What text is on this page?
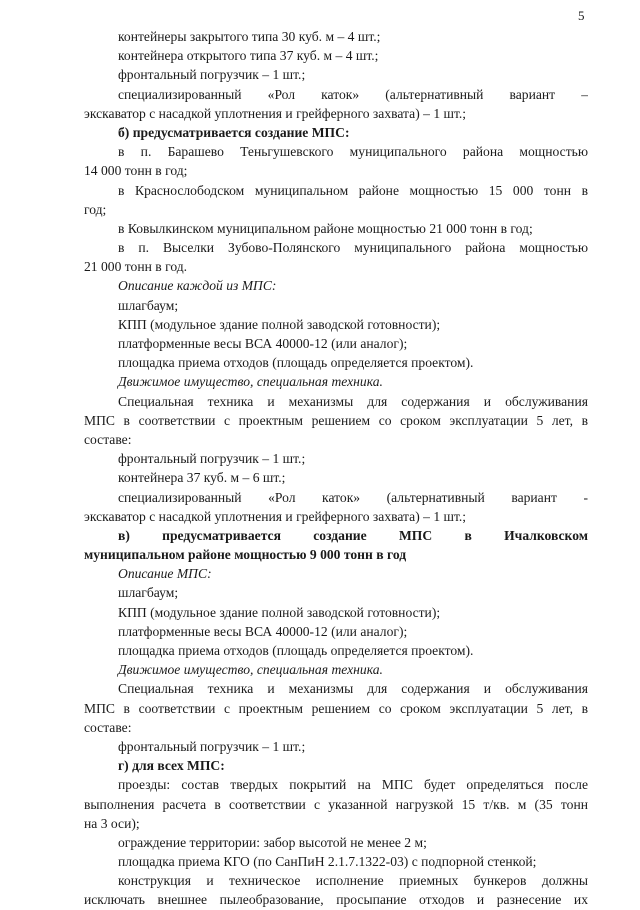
5
контейнеры закрытого типа 30 куб. м – 4 шт.;
контейнера открытого типа 37 куб. м – 4 шт.;
фронтальный погрузчик – 1 шт.;
специализированный «Рол каток» (альтернативный вариант –
экскаватор с насадкой уплотнения и грейферного захвата) – 1 шт.;
б) предусматривается создание МПС:
в п. Барашево Теньгушевского муниципального района мощностью
14 000 тонн в год;
в Краснослободском муниципальном районе мощностью 15 000 тонн в
год;
в Ковылкинском муниципальном районе мощностью 21 000 тонн в год;
в п. Выселки Зубово-Полянского муниципального района мощностью
21 000 тонн в год.
Описание каждой из МПС:
шлагбаум;
КПП (модульное здание полной заводской готовности);
платформенные весы ВСА 40000-12 (или аналог);
площадка приема отходов (площадь определяется проектом).
Движимое имущество, специальная техника.
Специальная техника и механизмы для содержания и обслуживания
МПС в соответствии с проектным решением со сроком эксплуатации 5 лет, в
составе:
фронтальный погрузчик – 1 шт.;
контейнера 37 куб. м – 6 шт.;
специализированный «Рол каток» (альтернативный вариант -
экскаватор с насадкой уплотнения и грейферного захвата) – 1 шт.;
в) предусматривается создание МПС в Ичалковском
муниципальном районе мощностью 9 000 тонн в год
Описание МПС:
шлагбаум;
КПП (модульное здание полной заводской готовности);
платформенные весы ВСА 40000-12 (или аналог);
площадка приема отходов (площадь определяется проектом).
Движимое имущество, специальная техника.
Специальная техника и механизмы для содержания и обслуживания
МПС в соответствии с проектным решением со сроком эксплуатации 5 лет, в
составе:
фронтальный погрузчик – 1 шт.;
г) для всех МПС:
проезды: состав твердых покрытий на МПС будет определяться после
выполнения расчета в соответствии с указанной нагрузкой 15 т/кв. м (35 тонн
на 3 оси);
ограждение территории: забор высотой не менее 2 м;
площадка приема КГО (по СанПиН 2.1.7.1322-03) с подпорной стенкой;
конструкция и техническое исполнение приемных бункеров должны
исключать внешнее пылеобразование, просыпание отходов и разнесение их
